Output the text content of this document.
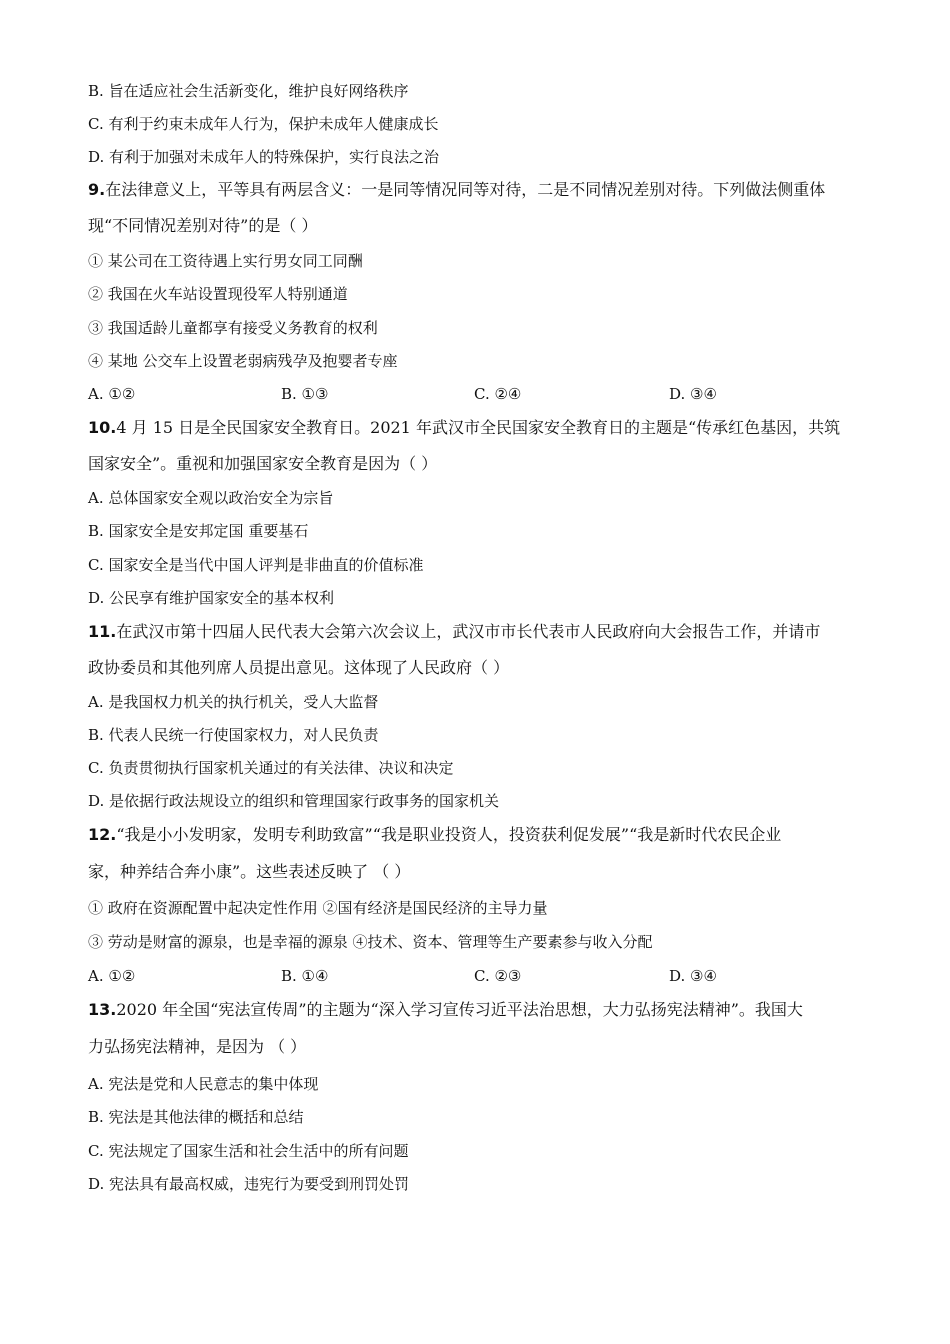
B. 旨在适应社会生活新变化，维护良好网络秩序
C. 有利于约束未成年人行为，保护未成年人健康成长
D. 有利于加强对未成年人的特殊保护，实行良法之治
9.在法律意义上，平等具有两层含义：一是同等情况同等对待，二是不同情况差别对待。下列做法侧重体
现“不同情况差别对待”的是（ ）
① 某公司在工资待遇上实行男女同工同酬
② 我国在火车站设置现役军人特别通道
③ 我国适龄儿童都享有接受义务教育的权利
④ 某地 公交车上设置老弱病残孕及抱婴者专座
A. ①②	B. ①③	C. ②④	D. ③④
10.4 月 15 日是全民国家安全教育日。2021 年武汉市全民国家安全教育日的主题是“传承红色基因，共筑
国家安全”。重视和加强国家安全教育是因为（ ）
A. 总体国家安全观以政治安全为宗旨
B. 国家安全是安邦定国 重要基石
C. 国家安全是当代中国人评判是非曲直的价值标准
D. 公民享有维护国家安全的基本权利
11.在武汉市第十四届人民代表大会第六次会议上，武汉市市长代表市人民政府向大会报告工作，并请市
政协委员和其他列席人员提出意见。这体现了人民政府（ ）
A. 是我国权力机关的执行机关，受人大监督
B. 代表人民统一行使国家权力，对人民负责
C. 负责贯彻执行国家机关通过的有关法律、决议和决定
D. 是依据行政法规设立的组织和管理国家行政事务的国家机关
12.“我是小小发明家，发明专利助致富”“我是职业投资人，投资获利促发展”“我是新时代农民企业
家，种养结合奔小康”。这些表述反映了 （ ）
① 政府在资源配置中起决定性作用 ②国有经济是国民经济的主导力量
③ 劳动是财富的源泉，也是幸福的源泉 ④技术、资本、管理等生产要素参与收入分配
A. ①②	B. ①④	C. ②③	D. ③④
13.2020 年全国“宪法宣传周”的主题为“深入学习宣传习近平法治思想，大力弘扬宪法精神”。我国大
力弘扬宪法精神，是因为 （ ）
A. 宪法是党和人民意志的集中体现
B. 宪法是其他法律的概括和总结
C. 宪法规定了国家生活和社会生活中的所有问题
D. 宪法具有最高权威，违宪行为要受到刑罚处罚
